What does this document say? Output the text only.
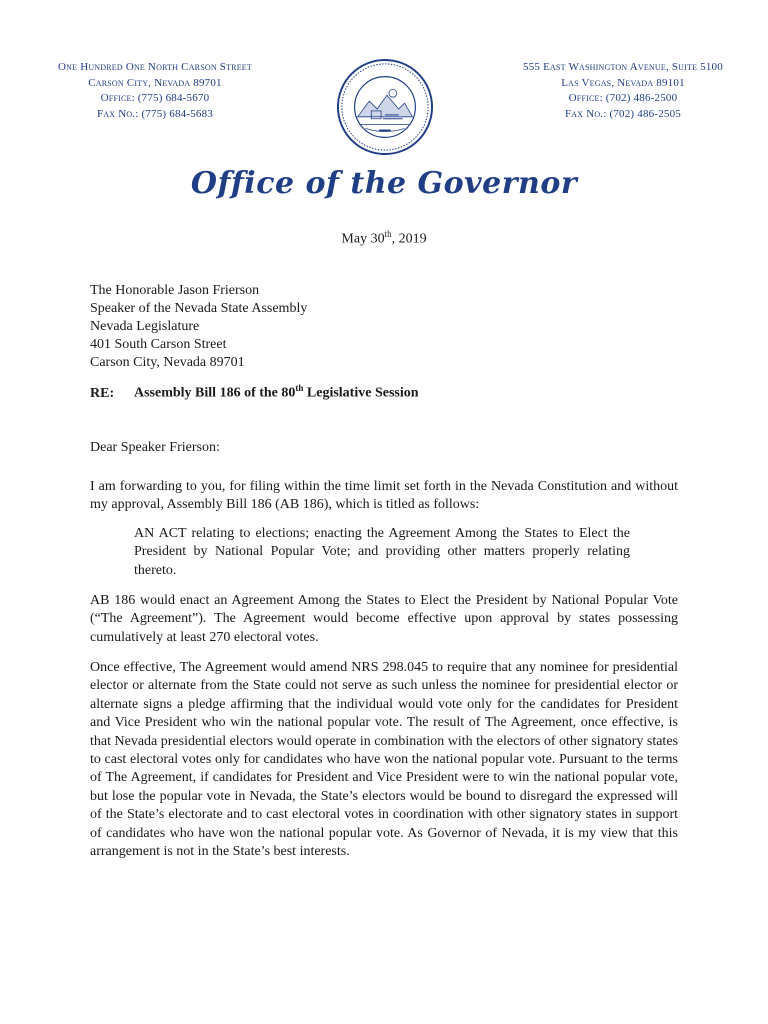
One Hundred One North Carson Street
Carson City, Nevada 89701
Office: (775) 684-5670
Fax No.: (775) 684-5683
555 East Washington Avenue, Suite 5100
Las Vegas, Nevada 89101
Office: (702) 486-2500
Fax No.: (702) 486-2505
Office of the Governor
May 30th, 2019
The Honorable Jason Frierson
Speaker of the Nevada State Assembly
Nevada Legislature
401 South Carson Street
Carson City, Nevada 89701
RE: Assembly Bill 186 of the 80th Legislative Session
Dear Speaker Frierson:
I am forwarding to you, for filing within the time limit set forth in the Nevada Constitution and without my approval, Assembly Bill 186 (AB 186), which is titled as follows:
AN ACT relating to elections; enacting the Agreement Among the States to Elect the President by National Popular Vote; and providing other matters properly relating thereto.
AB 186 would enact an Agreement Among the States to Elect the President by National Popular Vote (“The Agreement”). The Agreement would become effective upon approval by states possessing cumulatively at least 270 electoral votes.
Once effective, The Agreement would amend NRS 298.045 to require that any nominee for presidential elector or alternate from the State could not serve as such unless the nominee for presidential elector or alternate signs a pledge affirming that the individual would vote only for the candidates for President and Vice President who win the national popular vote. The result of The Agreement, once effective, is that Nevada presidential electors would operate in combination with the electors of other signatory states to cast electoral votes only for candidates who have won the national popular vote. Pursuant to the terms of The Agreement, if candidates for President and Vice President were to win the national popular vote, but lose the popular vote in Nevada, the State’s electors would be bound to disregard the expressed will of the State’s electorate and to cast electoral votes in coordination with other signatory states in support of candidates who have won the national popular vote. As Governor of Nevada, it is my view that this arrangement is not in the State’s best interests.
